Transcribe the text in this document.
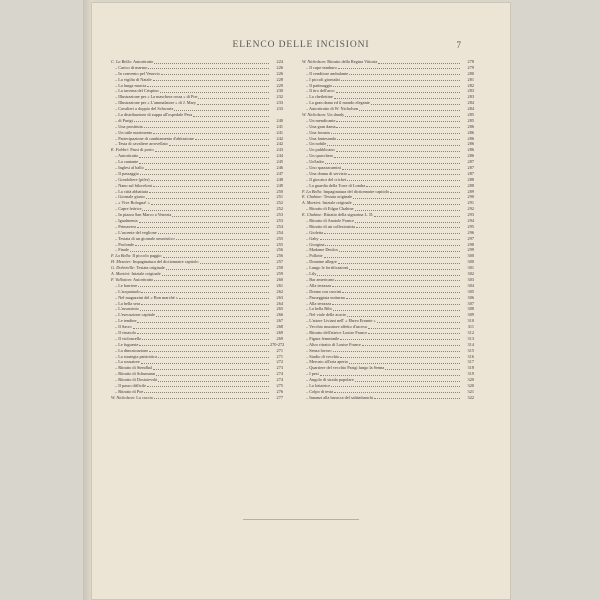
ELENCO DELLE INCISIONI	7
C. La Bella: Autoritratto	224
– Carico di marmo	226
– In convento pel Vesuvio	226
– La vigilia di Natale	228
– La lunga marcia	229
– La taverna del Crispino	230
– Illustrazione per « La maschera rossa » di Poe	232
– Illustrazione per « L'ammalatore » di J. Mary	233
– Cavalieri a doppio del Schwartz	233
– La distribuzione di zuppa all'ospedale Pesa
– di Parigi	240
– Una prostituta	241
– Un utile nutrimento	241
– Partecipazione di cambiamento d'abitazione	242
– Testa di cavaliere arrovellato	242
E. Fabbri: Passi di porto	243
– Autoritratto	244
– La cantante	245
– Inglesi al ballo	246
– Il passaggio	247
– Gondoliere (pifer)	248
– Nano sul biloceloni	249
– La città abbattuta	250
– Giornale giusto	251
– « Vive Bologna! »	252
– Capre lettrice	252
– In piazza San Marco a Venezia	253
– Igualmenta	253
– Primavera	254
– L'uscente del veglione	254
– Testata di un giornale umoristico	255
– Profonde	255
– Finale	256
F. La Bella: Il piccolo paggio	256
H. Mesnier: Impaginatura del dictionnaire capitolo	257
G. Dohrieille: Testata originale	258
A. Martini: Iniziale originale	259
F. Vallotton: Autoritratto	260
– Le barriere	261
– L'acquaiuolo	262
– Nel magazzini del « Bon marché »	263
– La bella sera	264
– L'assassinio	265
– L'esecuzione capitale	266
– Le tendine	267
– Il Sacro	268
– Il vinaiolo	269
– Il violoncello	269
– Le fugueste	270-272
– La dimostrazione	271
– La strategia patriottica	271
– La scusatore	272
– Ritratto di Stendhal	273
– Ritratto di Schumann	274
– Ritratto di Dostoievski	274
– Il passo difficile	275
– Ritratto di Poe	276
W. Nicholson: La caccia	277
W. Nicholson: Ritratto della Regina Vittoria	278
– Il capo-tamburo	279
– Il venditore ambulante	280
– I piccoli giornalai	281
– Il pattinaggio	282
– Il tiro dell'arco	283
– La cheilettine	283
– La gran dama ed il mondo elegante	284
– Autoritratto di W. Nicholson	284
W. Nicholson: Un dandy	285
– Un mendicante	285
– Una gran dama	286
– Una fornaia	286
– Una fantesanda	286
– Un nobile	286
– Un pubblicano	286
– Un quacchero	286
– Un'ladro	287
– Uno spazzacamini	287
– Una donna di servizio	287
– Il giocator del cricket	288
– La guardia della Torre di Londra	288
F. La Bella: Impaginatura del dictionnaire capitolo	289
E. Chahine: Testata originale	290
A. Martini: Iniziale originale	291
– Ritratto di Edgar Chahine	292
E. Chahine: Ritratto della signorina L. D.	293
– Ritratto di Anatole France	294
– Ritratto di un collezionista	295
– Gioletta	296
– Gaby	297
– Giorgina	298
– Madame Deulox	299
– Pollotte	300
– Donnine allegre	300
– Lungo le fortificazioni	301
– Lily	302
– Bar americano	303
– Alla terrazza	304
– Donna con cuscini	305
– Passeggiata notturna	306
– Alla terrazza	307
– La bella Bibi	308
– Nel viale delle acacie	309
– L'attore Liviani nell' « Ebreo Errante »	310
– Vecchio muratore affetto d'ascesa	311
– Ritratto dell'attrice Louise France	312
– Figura femminile	313
– Altro ritratto di Louise France	314
– Senza lavoro	315
– Studio di vecchio	316
– Mercato all'aria aperta	317
– Quartiere del vecchio Parigi lungo la Senna	318
– I pesi	319
– Angolo di strada popolare	320
– La lottatrice	320
– Colpo di testa	321
– Innanzi alla baracca del saltimbanchi	322
